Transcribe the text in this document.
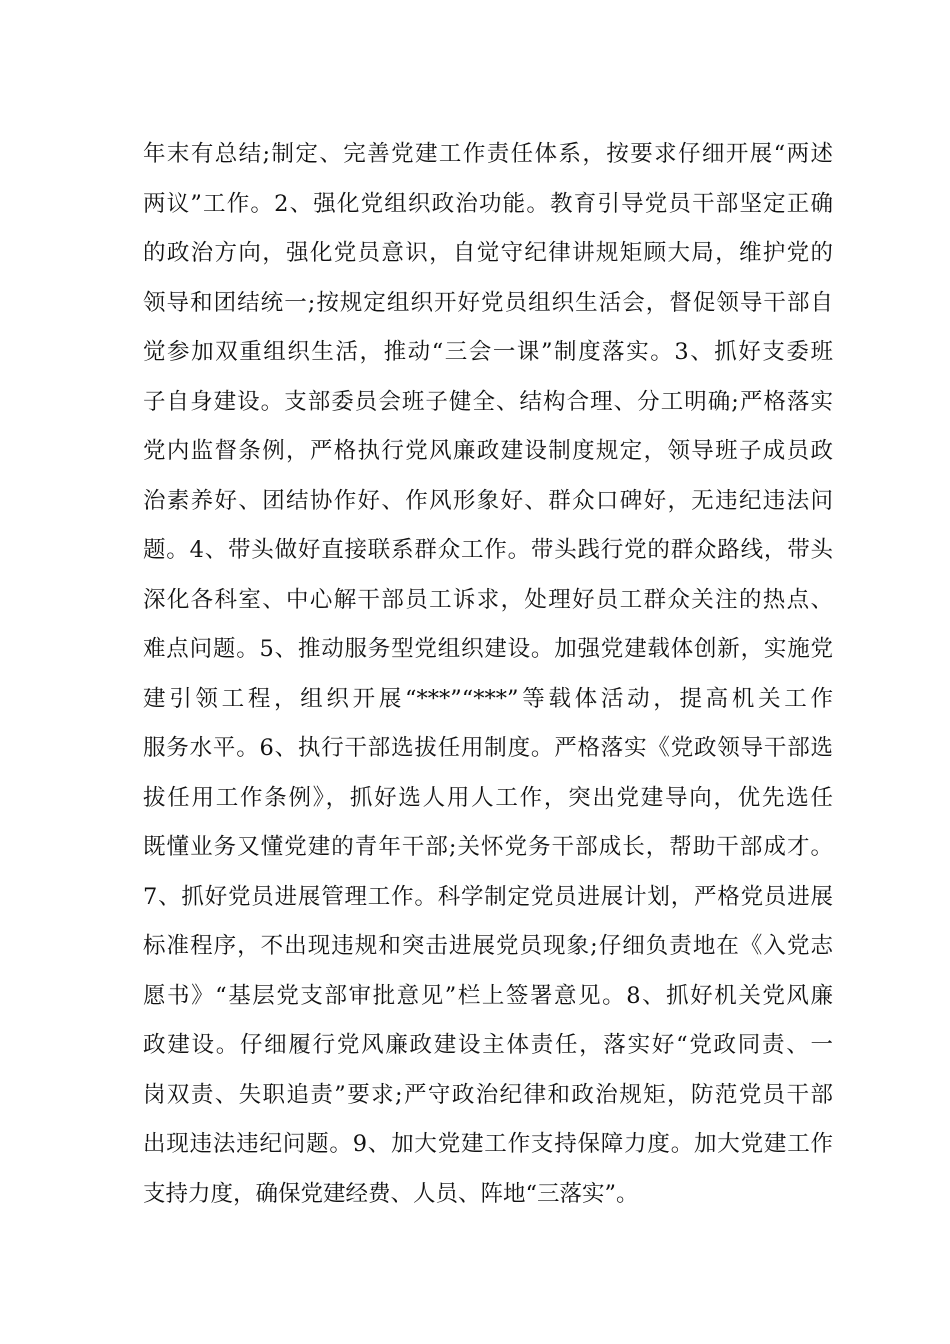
年末有总结;制定、完善党建工作责任体系，按要求仔细开展“两述
两议”工作。2、强化党组织政治功能。教育引导党员干部坚定正确
的政治方向，强化党员意识，自觉守纪律讲规矩顾大局，维护党的
领导和团结统一;按规定组织开好党员组织生活会，督促领导干部自
觉参加双重组织生活，推动“三会一课”制度落实。3、抓好支委班
子自身建设。支部委员会班子健全、结构合理、分工明确;严格落实
党内监督条例，严格执行党风廉政建设制度规定，领导班子成员政
治素养好、团结协作好、作风形象好、群众口碑好，无违纪违法问
题。4、带头做好直接联系群众工作。带头践行党的群众路线，带头
深化各科室、中心解干部员工诉求，处理好员工群众关注的热点、
难点问题。5、推动服务型党组织建设。加强党建载体创新，实施党
建引领工程，组织开展“***”“***”等载体活动，提高机关工作
服务水平。6、执行干部选拔任用制度。严格落实《党政领导干部选
拔任用工作条例》，抓好选人用人工作，突出党建导向，优先选任
既懂业务又懂党建的青年干部;关怀党务干部成长，帮助干部成才。
7、抓好党员进展管理工作。科学制定党员进展计划，严格党员进展
标准程序，不出现违规和突击进展党员现象;仔细负责地在《入党志
愿书》“基层党支部审批意见”栏上签署意见。8、抓好机关党风廉
政建设。仔细履行党风廉政建设主体责任，落实好“党政同责、一
岗双责、失职追责”要求;严守政治纪律和政治规矩，防范党员干部
出现违法违纪问题。9、加大党建工作支持保障力度。加大党建工作
支持力度，确保党建经费、人员、阵地“三落实”。
